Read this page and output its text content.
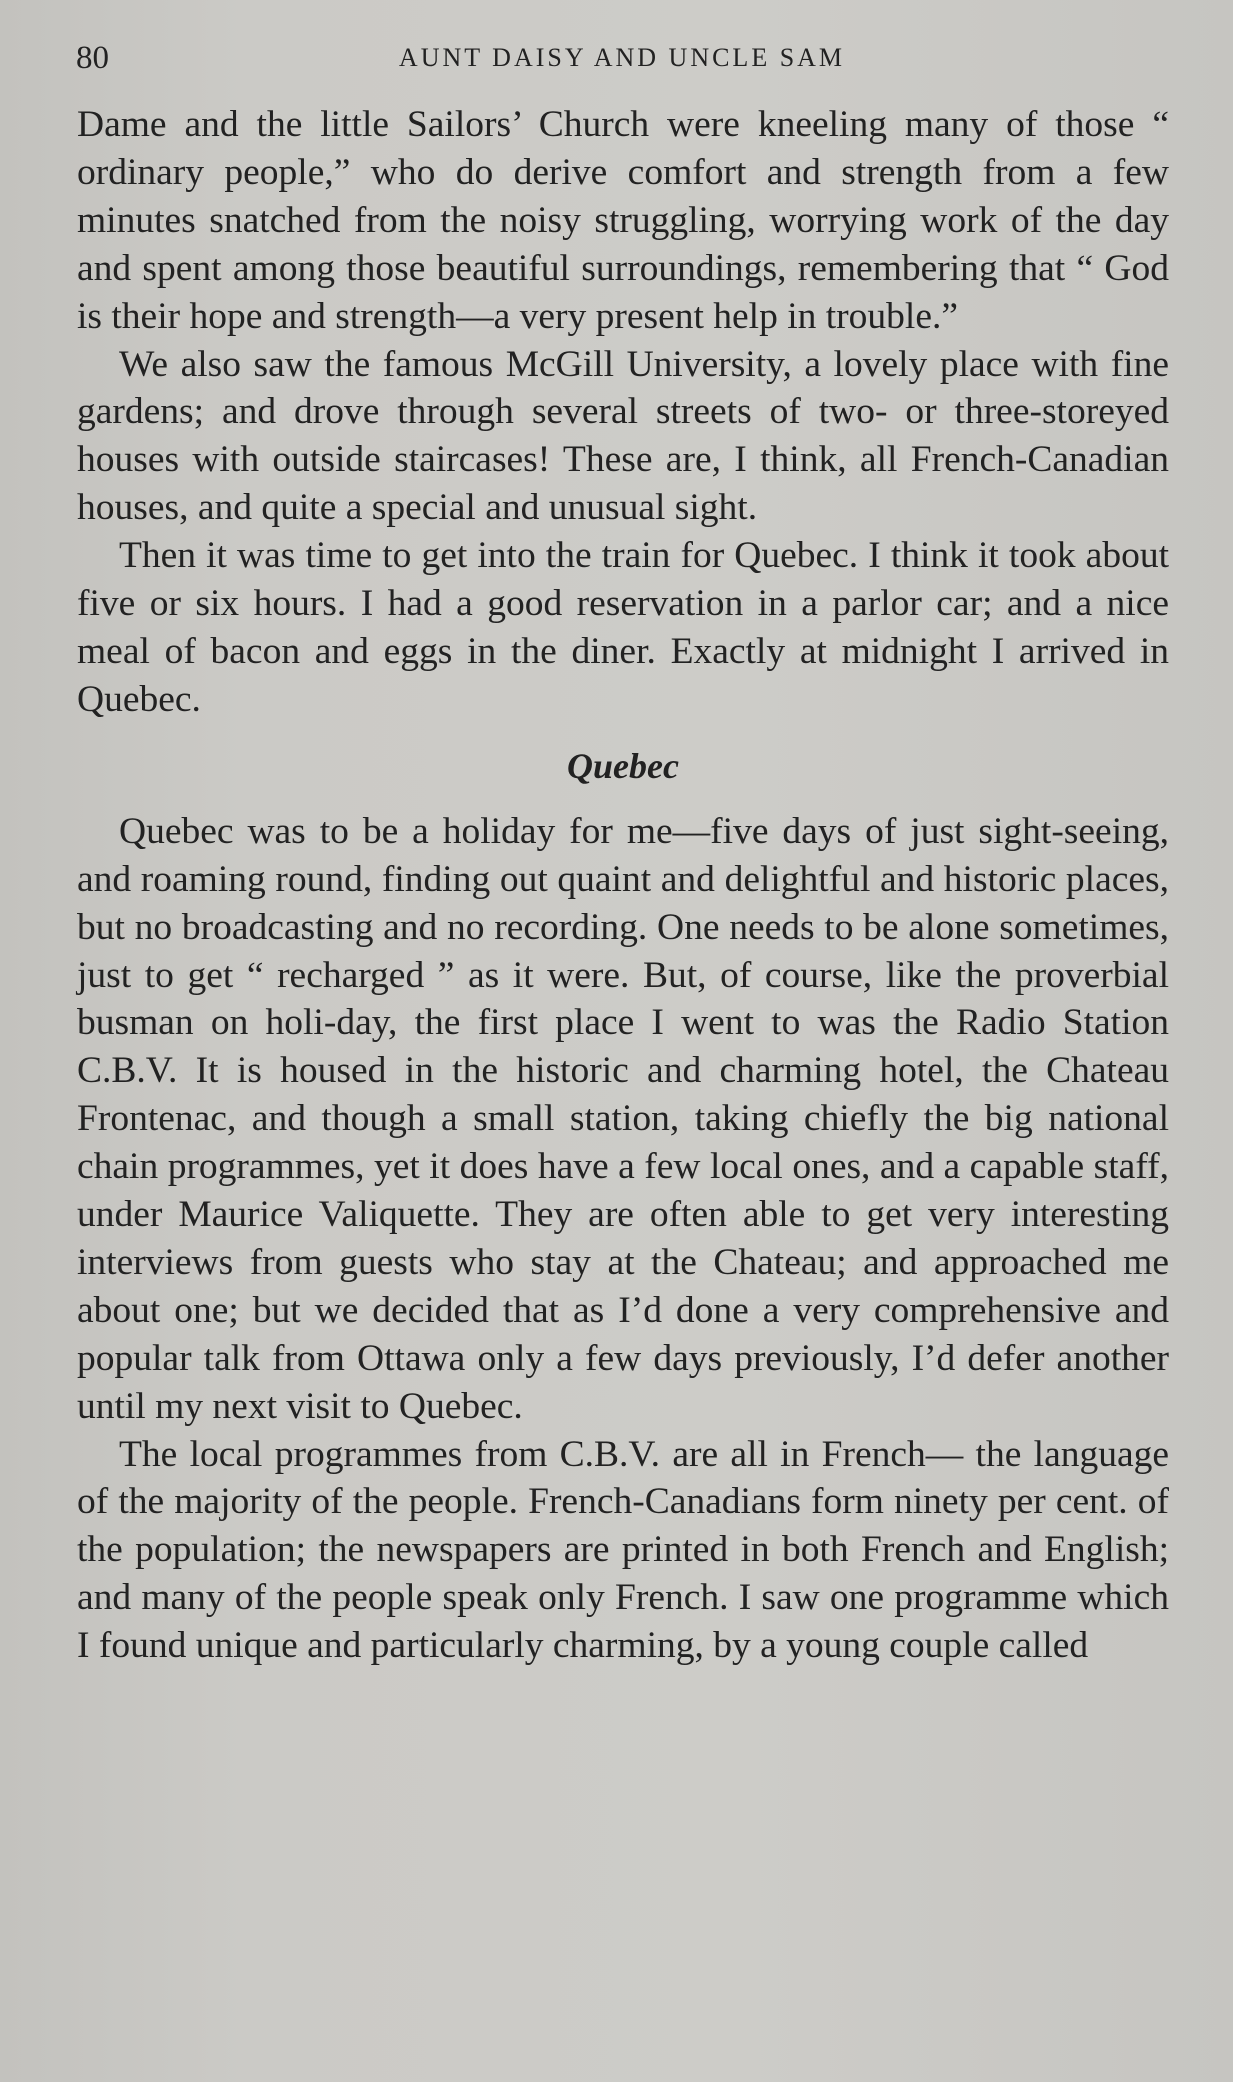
80	AUNT DAISY AND UNCLE SAM

Dame and the little Sailors’ Church were kneeling many of those “ ordinary people,” who do derive comfort and strength from a few minutes snatched from the noisy struggling, worrying work of the day and spent among those beautiful surroundings, remembering that “ God is their hope and strength—a very present help in trouble.”

We also saw the famous McGill University, a lovely place with fine gardens; and drove through several streets of two- or three-storeyed houses with outside staircases! These are, I think, all French-Canadian houses, and quite a special and unusual sight.

Then it was time to get into the train for Quebec. I think it took about five or six hours. I had a good reservation in a parlor car; and a nice meal of bacon and eggs in the diner. Exactly at midnight I arrived in Quebec.

Quebec

Quebec was to be a holiday for me—five days of just sight-seeing, and roaming round, finding out quaint and delightful and historic places, but no broadcasting and no recording. One needs to be alone sometimes, just to get “ recharged ” as it were. But, of course, like the proverbial busman on holi-day, the first place I went to was the Radio Station C.B.V. It is housed in the historic and charming hotel, the Chateau Frontenac, and though a small station, taking chiefly the big national chain programmes, yet it does have a few local ones, and a capable staff, under Maurice Valiquette. They are often able to get very interesting interviews from guests who stay at the Chateau; and approached me about one; but we decided that as I’d done a very comprehensive and popular talk from Ottawa only a few days previously, I’d defer another until my next visit to Quebec.

The local programmes from C.B.V. are all in French— the language of the majority of the people. French-Canadians form ninety per cent. of the population; the newspapers are printed in both French and English; and many of the people speak only French. I saw one programme which I found unique and particularly charming, by a young couple called
